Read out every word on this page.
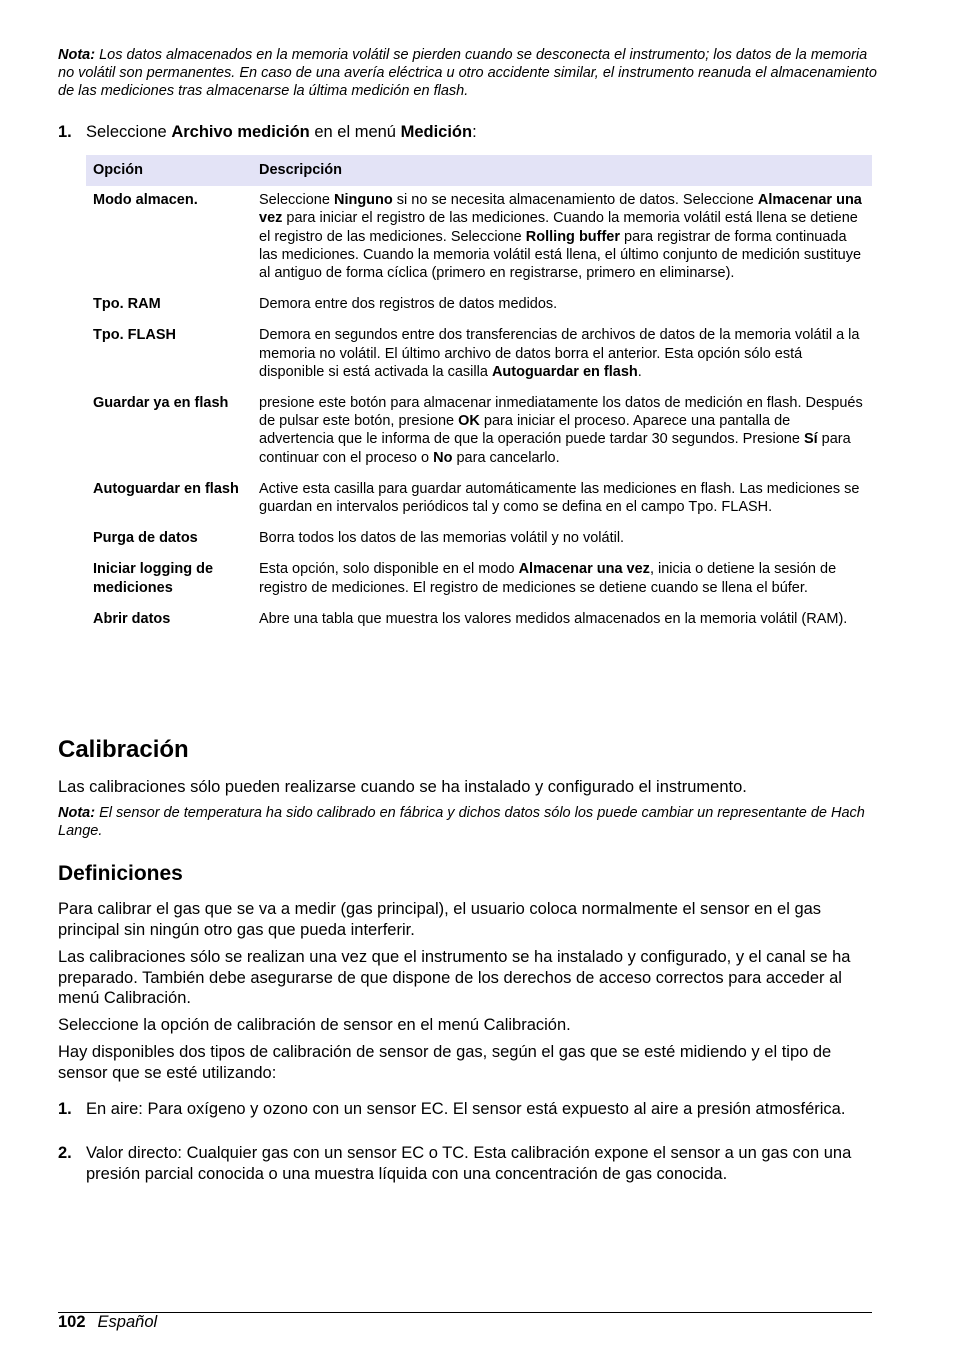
Nota: Los datos almacenados en la memoria volátil se pierden cuando se desconecta el instrumento; los datos de la memoria no volátil son permanentes. En caso de una avería eléctrica u otro accidente similar, el instrumento reanuda el almacenamiento de las mediciones tras almacenarse la última medición en flash.
1. Seleccione Archivo medición en el menú Medición:
Opción	Descripción
Modo almacen.	Seleccione Ninguno si no se necesita almacenamiento de datos. Seleccione Almacenar una vez para iniciar el registro de las mediciones. Cuando la memoria volátil está llena se detiene el registro de las mediciones. Seleccione Rolling buffer para registrar de forma continuada las mediciones. Cuando la memoria volátil está llena, el último conjunto de medición sustituye al antiguo de forma cíclica (primero en registrarse, primero en eliminarse).
Tpo. RAM	Demora entre dos registros de datos medidos.
Tpo. FLASH	Demora en segundos entre dos transferencias de archivos de datos de la memoria volátil a la memoria no volátil. El último archivo de datos borra el anterior. Esta opción sólo está disponible si está activada la casilla Autoguardar en flash.
Guardar ya en flash	presione este botón para almacenar inmediatamente los datos de medición en flash. Después de pulsar este botón, presione OK para iniciar el proceso. Aparece una pantalla de advertencia que le informa de que la operación puede tardar 30 segundos. Presione Sí para continuar con el proceso o No para cancelarlo.
Autoguardar en flash	Active esta casilla para guardar automáticamente las mediciones en flash. Las mediciones se guardan en intervalos periódicos tal y como se defina en el campo Tpo. FLASH.
Purga de datos	Borra todos los datos de las memorias volátil y no volátil.
Iniciar logging de mediciones	Esta opción, solo disponible en el modo Almacenar una vez, inicia o detiene la sesión de registro de mediciones. El registro de mediciones se detiene cuando se llena el búfer.
Abrir datos	Abre una tabla que muestra los valores medidos almacenados en la memoria volátil (RAM).
Calibración

Las calibraciones sólo pueden realizarse cuando se ha instalado y configurado el instrumento.

Nota: El sensor de temperatura ha sido calibrado en fábrica y dichos datos sólo los puede cambiar un representante de Hach Lange.
Definiciones

Para calibrar el gas que se va a medir (gas principal), el usuario coloca normalmente el sensor en el gas principal sin ningún otro gas que pueda interferir.

Las calibraciones sólo se realizan una vez que el instrumento se ha instalado y configurado, y el canal se ha preparado. También debe asegurarse de que dispone de los derechos de acceso correctos para acceder al menú Calibración.

Seleccione la opción de calibración de sensor en el menú Calibración.

Hay disponibles dos tipos de calibración de sensor de gas, según el gas que se esté midiendo y el tipo de sensor que se esté utilizando:

1. En aire: Para oxígeno y ozono con un sensor EC. El sensor está expuesto al aire a presión atmosférica.
2. Valor directo: Cualquier gas con un sensor EC o TC. Esta calibración expone el sensor a un gas con una presión parcial conocida o una muestra líquida con una concentración de gas conocida.
102 Español
